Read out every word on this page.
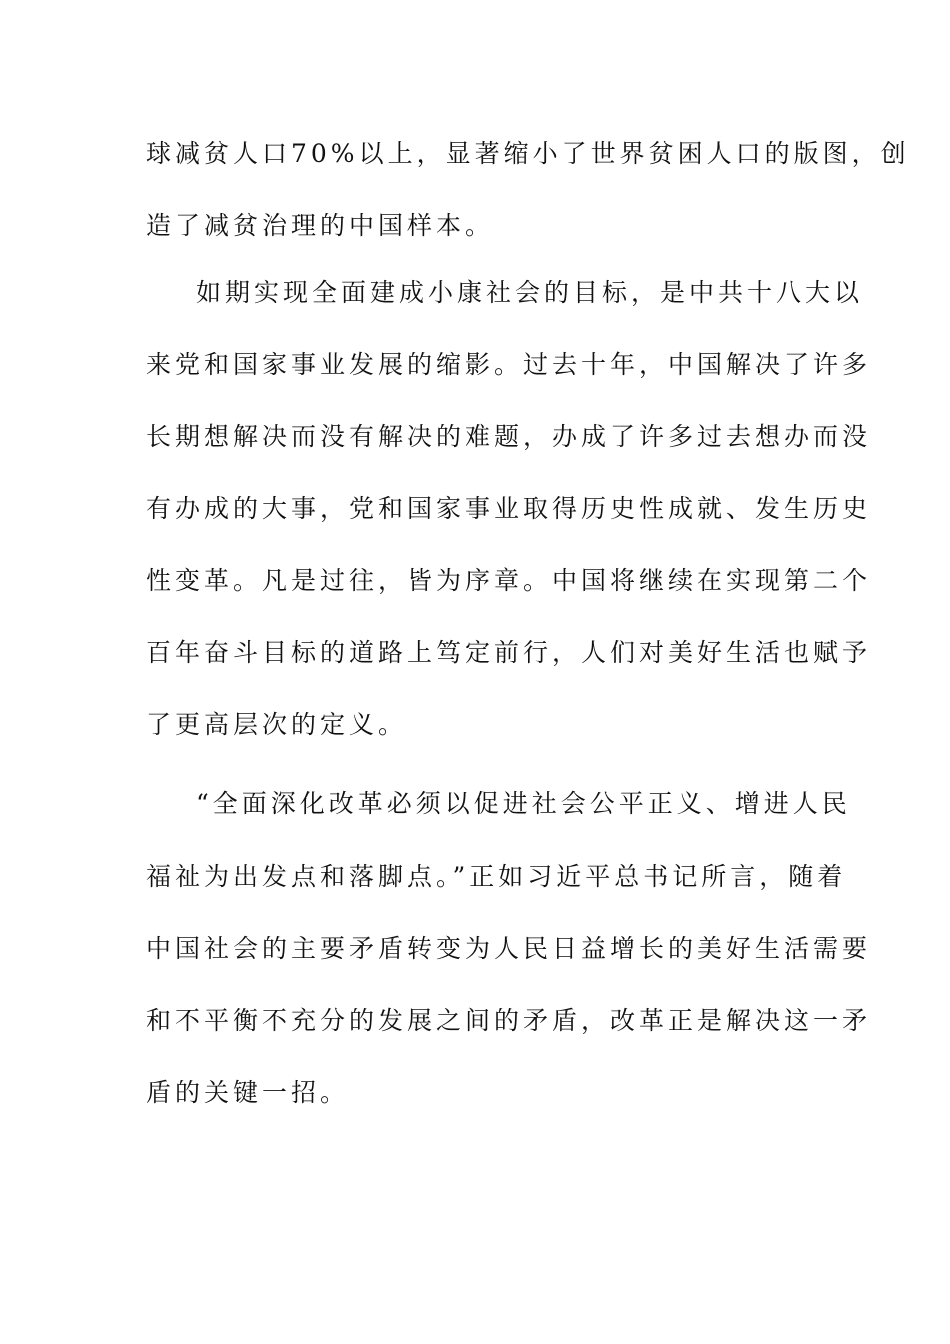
球减贫人口70%以上，显著缩小了世界贫困人口的版图，创
造了减贫治理的中国样本。
如期实现全面建成小康社会的目标，是中共十八大以
来党和国家事业发展的缩影。过去十年，中国解决了许多
长期想解决而没有解决的难题，办成了许多过去想办而没
有办成的大事，党和国家事业取得历史性成就、发生历史
性变革。凡是过往，皆为序章。中国将继续在实现第二个
百年奋斗目标的道路上笃定前行，人们对美好生活也赋予
了更高层次的定义。
“全面深化改革必须以促进社会公平正义、增进人民
福祉为出发点和落脚点。”正如习近平总书记所言，随着
中国社会的主要矛盾转变为人民日益增长的美好生活需要
和不平衡不充分的发展之间的矛盾，改革正是解决这一矛
盾的关键一招。
